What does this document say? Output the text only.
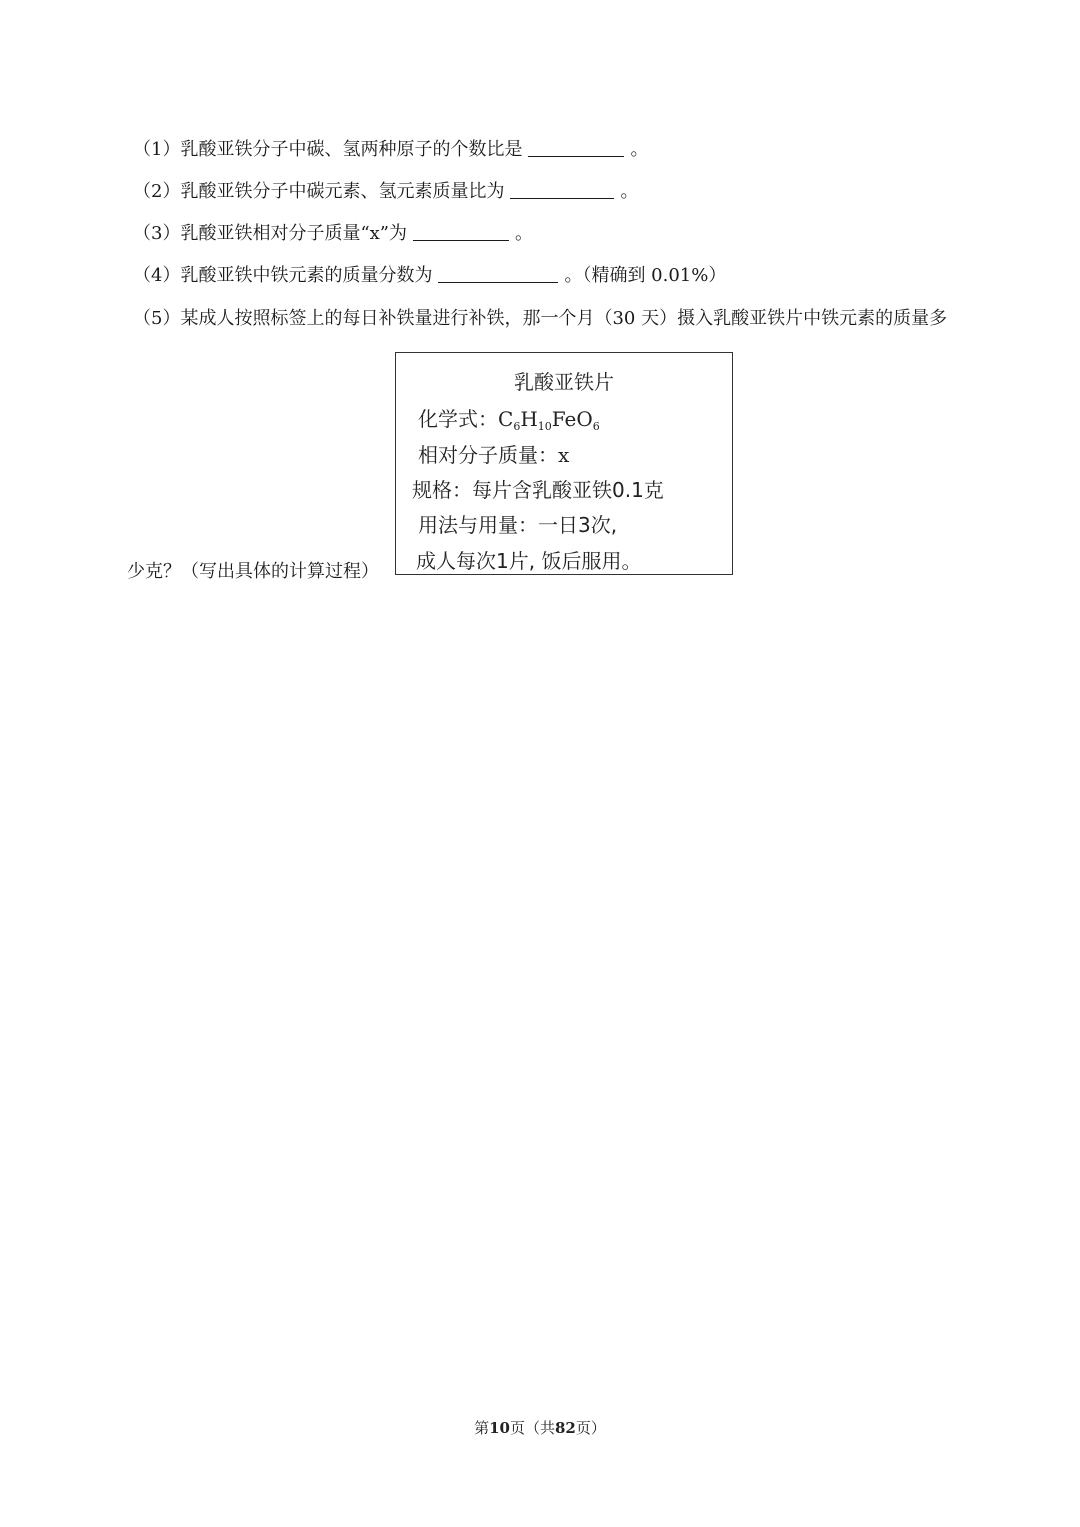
（1）乳酸亚铁分子中碳、氢两种原子的个数比是	。
（2）乳酸亚铁分子中碳元素、氢元素质量比为	。
（3）乳酸亚铁相对分子质量“x”为	。
（4）乳酸亚铁中铁元素的质量分数为	。（精确到 0.01%）
（5）某成人按照标签上的每日补铁量进行补铁，那一个月（30 天）摄入乳酸亚铁片中铁元素的质量多
少克？（写出具体的计算过程）
乳酸亚铁片
化学式：$C_6H_{10}FeO_6$
相对分子质量：x
规格：每片含乳酸亚铁0.1克
用法与用量：一日3次,
成人每次1片, 饭后服用。
第10页（共82页）
